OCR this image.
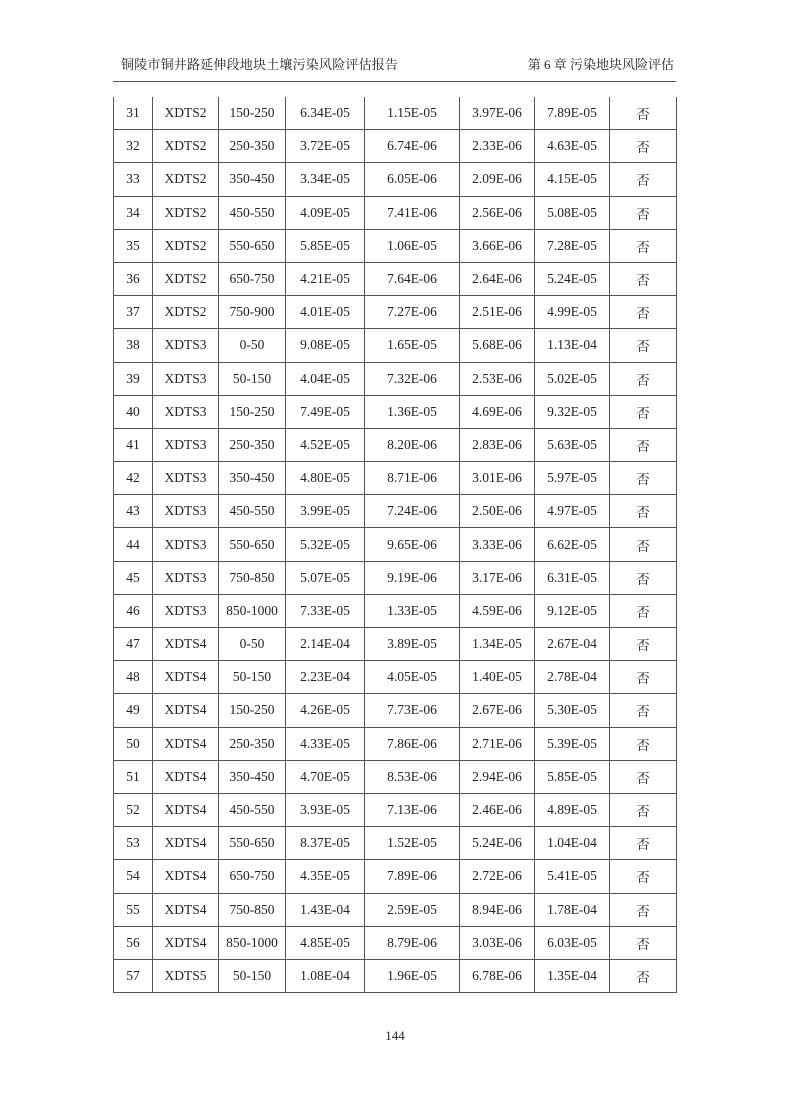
铜陵市铜井路延伸段地块土壤污染风险评估报告	第 6 章 污染地块风险评估
31	XDTS2	150-250	6.34E-05	1.15E-05	3.97E-06	7.89E-05	否
32	XDTS2	250-350	3.72E-05	6.74E-06	2.33E-06	4.63E-05	否
33	XDTS2	350-450	3.34E-05	6.05E-06	2.09E-06	4.15E-05	否
34	XDTS2	450-550	4.09E-05	7.41E-06	2.56E-06	5.08E-05	否
35	XDTS2	550-650	5.85E-05	1.06E-05	3.66E-06	7.28E-05	否
36	XDTS2	650-750	4.21E-05	7.64E-06	2.64E-06	5.24E-05	否
37	XDTS2	750-900	4.01E-05	7.27E-06	2.51E-06	4.99E-05	否
38	XDTS3	0-50	9.08E-05	1.65E-05	5.68E-06	1.13E-04	否
39	XDTS3	50-150	4.04E-05	7.32E-06	2.53E-06	5.02E-05	否
40	XDTS3	150-250	7.49E-05	1.36E-05	4.69E-06	9.32E-05	否
41	XDTS3	250-350	4.52E-05	8.20E-06	2.83E-06	5.63E-05	否
42	XDTS3	350-450	4.80E-05	8.71E-06	3.01E-06	5.97E-05	否
43	XDTS3	450-550	3.99E-05	7.24E-06	2.50E-06	4.97E-05	否
44	XDTS3	550-650	5.32E-05	9.65E-06	3.33E-06	6.62E-05	否
45	XDTS3	750-850	5.07E-05	9.19E-06	3.17E-06	6.31E-05	否
46	XDTS3	850-1000	7.33E-05	1.33E-05	4.59E-06	9.12E-05	否
47	XDTS4	0-50	2.14E-04	3.89E-05	1.34E-05	2.67E-04	否
48	XDTS4	50-150	2.23E-04	4.05E-05	1.40E-05	2.78E-04	否
49	XDTS4	150-250	4.26E-05	7.73E-06	2.67E-06	5.30E-05	否
50	XDTS4	250-350	4.33E-05	7.86E-06	2.71E-06	5.39E-05	否
51	XDTS4	350-450	4.70E-05	8.53E-06	2.94E-06	5.85E-05	否
52	XDTS4	450-550	3.93E-05	7.13E-06	2.46E-06	4.89E-05	否
53	XDTS4	550-650	8.37E-05	1.52E-05	5.24E-06	1.04E-04	否
54	XDTS4	650-750	4.35E-05	7.89E-06	2.72E-06	5.41E-05	否
55	XDTS4	750-850	1.43E-04	2.59E-05	8.94E-06	1.78E-04	否
56	XDTS4	850-1000	4.85E-05	8.79E-06	3.03E-06	6.03E-05	否
57	XDTS5	50-150	1.08E-04	1.96E-05	6.78E-06	1.35E-04	否
144
